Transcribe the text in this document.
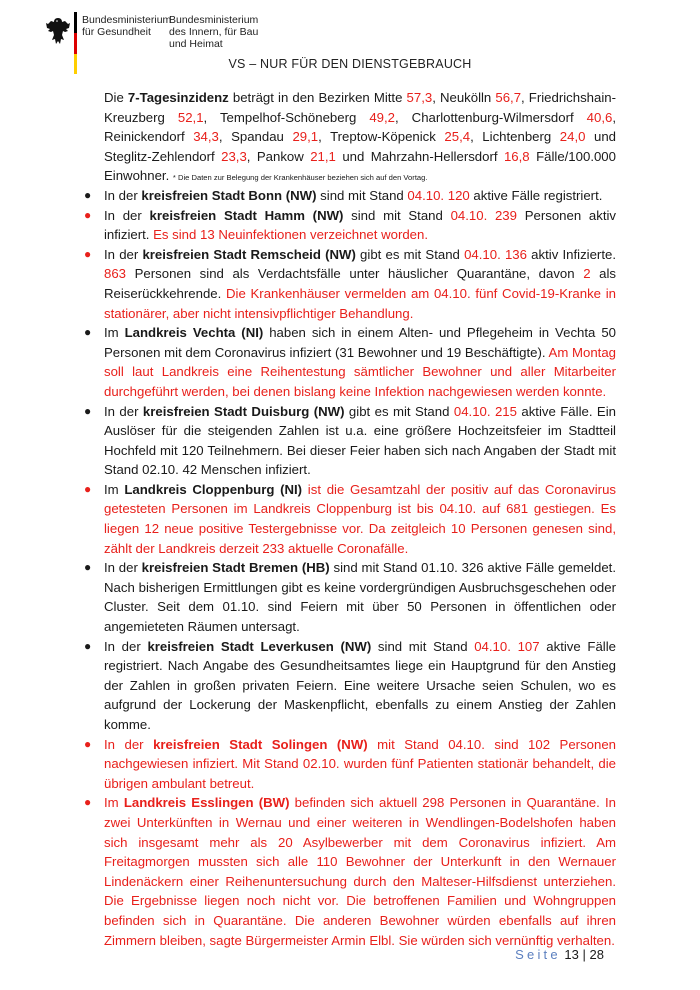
Bundesministerium
für Gesundheit
Bundesministerium
des Innern, für Bau
und Heimat
VS – NUR FÜR DEN DIENSTGEBRAUCH
Die 7-Tagesinzidenz beträgt in den Bezirken Mitte 57,3, Neukölln 56,7, Friedrichshain-Kreuzberg 52,1, Tempelhof-Schöneberg 49,2, Charlottenburg-Wilmersdorf 40,6, Reinickendorf 34,3, Spandau 29,1, Treptow-Köpenick 25,4, Lichtenberg 24,0 und Steglitz-Zehlendorf 23,3, Pankow 21,1 und Mahrzahn-Hellersdorf 16,8 Fälle/100.000 Einwohner. * Die Daten zur Belegung der Krankenhäuser beziehen sich auf den Vortag.
● In der kreisfreien Stadt Bonn (NW) sind mit Stand 04.10. 120 aktive Fälle registriert.
● In der kreisfreien Stadt Hamm (NW) sind mit Stand 04.10. 239 Personen aktiv infiziert. Es sind 13 Neuinfektionen verzeichnet worden.
● In der kreisfreien Stadt Remscheid (NW) gibt es mit Stand 04.10. 136 aktiv Infizierte. 863 Personen sind als Verdachtsfälle unter häuslicher Quarantäne, davon 2 als Reiserückkehrende. Die Krankenhäuser vermelden am 04.10. fünf Covid-19-Kranke in stationärer, aber nicht intensivpflichtiger Behandlung.
● Im Landkreis Vechta (NI) haben sich in einem Alten- und Pflegeheim in Vechta 50 Personen mit dem Coronavirus infiziert (31 Bewohner und 19 Beschäftigte). Am Montag soll laut Landkreis eine Reihentestung sämtlicher Bewohner und aller Mitarbeiter durchgeführt werden, bei denen bislang keine Infektion nachgewiesen werden konnte.
● In der kreisfreien Stadt Duisburg (NW) gibt es mit Stand 04.10. 215 aktive Fälle. Ein Auslöser für die steigenden Zahlen ist u.a. eine größere Hochzeitsfeier im Stadtteil Hochfeld mit 120 Teilnehmern. Bei dieser Feier haben sich nach Angaben der Stadt mit Stand 02.10. 42 Menschen infiziert.
● Im Landkreis Cloppenburg (NI) ist die Gesamtzahl der positiv auf das Coronavirus getesteten Personen im Landkreis Cloppenburg ist bis 04.10. auf 681 gestiegen. Es liegen 12 neue positive Testergebnisse vor. Da zeitgleich 10 Personen genesen sind, zählt der Landkreis derzeit 233 aktuelle Coronafälle.
● In der kreisfreien Stadt Bremen (HB) sind mit Stand 01.10. 326 aktive Fälle gemeldet. Nach bisherigen Ermittlungen gibt es keine vordergründigen Ausbruchsgeschehen oder Cluster. Seit dem 01.10. sind Feiern mit über 50 Personen in öffentlichen oder angemieteten Räumen untersagt.
● In der kreisfreien Stadt Leverkusen (NW) sind mit Stand 04.10. 107 aktive Fälle registriert. Nach Angabe des Gesundheitsamtes liege ein Hauptgrund für den Anstieg der Zahlen in großen privaten Feiern. Eine weitere Ursache seien Schulen, wo es aufgrund der Lockerung der Maskenpflicht, ebenfalls zu einem Anstieg der Zahlen komme.
● In der kreisfreien Stadt Solingen (NW) mit Stand 04.10. sind 102 Personen nachgewiesen infiziert. Mit Stand 02.10. wurden fünf Patienten stationär behandelt, die übrigen ambulant betreut.
● Im Landkreis Esslingen (BW) befinden sich aktuell 298 Personen in Quarantäne. In zwei Unterkünften in Wernau und einer weiteren in Wendlingen-Bodelshofen haben sich insgesamt mehr als 20 Asylbewerber mit dem Coronavirus infiziert. Am Freitagmorgen mussten sich alle 110 Bewohner der Unterkunft in den Wernauer Lindenäckern einer Reihenuntersuchung durch den Malteser-Hilfsdienst unterziehen. Die Ergebnisse liegen noch nicht vor. Die betroffenen Familien und Wohngruppen befinden sich in Quarantäne. Die anderen Bewohner würden ebenfalls auf ihren Zimmern bleiben, sagte Bürgermeister Armin Elbl. Sie würden sich vernünftig verhalten.
Seite 13 | 28
